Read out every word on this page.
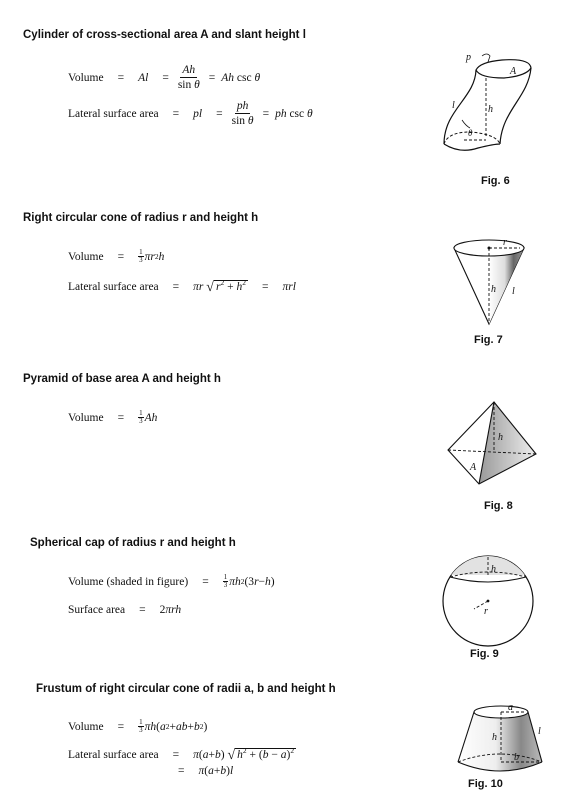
Cylinder of cross-sectional area A and slant height l
Volume = $Al = \frac{Ah}{\text{sin θ}} = Ah$ csc θ
Lateral surface area = pl = $\frac{ph}{\text{sin θ}}$ = ph csc θ
p
A
l	h
θ
Fig. 6
Right circular cone of radius r and height h
Volume = 1
3 πr 2 h
Lateral surface area = πr
√ $r^2 + h^2 = \pi rl$
r
h l
Fig. 7
Pyramid of base area A and height h
Volume = 1
3 Ah
h
A
Fig. 8
Spherical cap of radius r and height h
Volume (shaded in figure) = 1
3 πh 2 (3 r − h )
Surface area =
2 πrh
h
r
Fig. 9
Frustum of right circular cone of radii a, b and height h
Volume = 1
3 πh ( a 2 + ab + b 2 )
Lateral surface area = π ( a + b ) √ $h^2 + (b - a)^2$
= π ( a + b ) l
a
h
l
b
Fig. 10
